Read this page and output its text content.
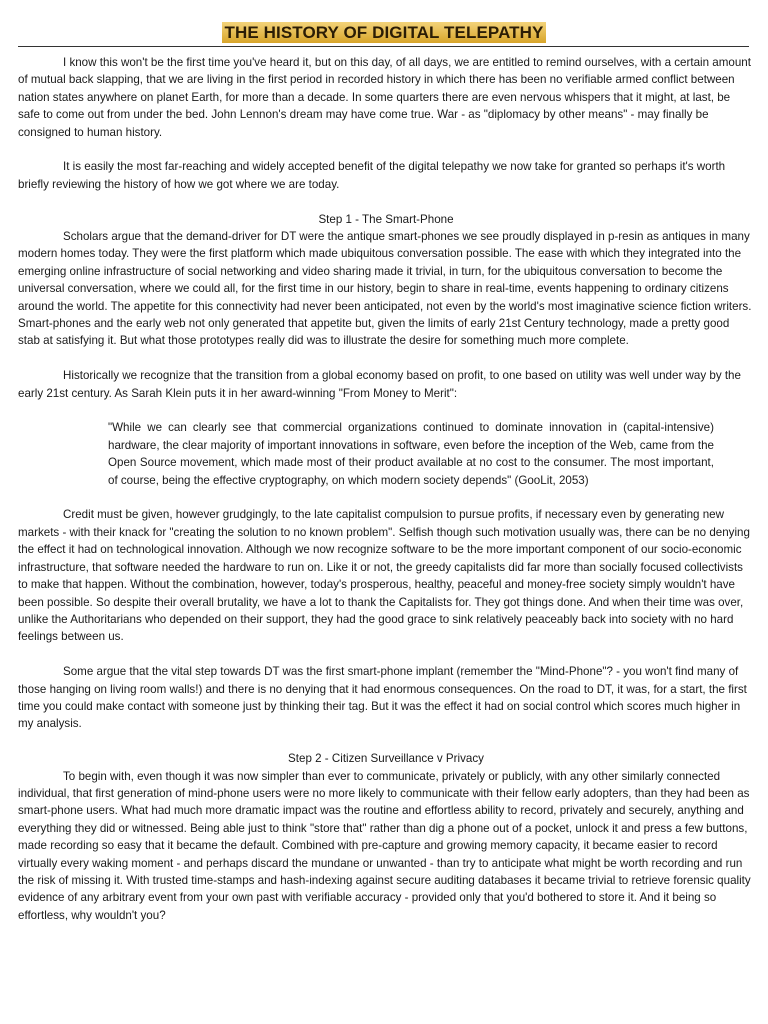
THE HISTORY OF DIGITAL TELEPATHY

I know this won't be the first time you've heard it, but on this day, of all days, we are entitled to remind ourselves, with a certain amount of mutual back slapping, that we are living in the first period in recorded history in which there has been no verifiable armed conflict between nation states anywhere on planet Earth, for more than a decade. In some quarters there are even nervous whispers that it might, at last, be safe to come out from under the bed. John Lennon's dream may have come true. War - as "diplomacy by other means" - may finally be consigned to human history.

It is easily the most far-reaching and widely accepted benefit of the digital telepathy we now take for granted so perhaps it's worth briefly reviewing the history of how we got where we are today.

Step 1 - The Smart-Phone

Scholars argue that the demand-driver for DT were the antique smart-phones we see proudly displayed in p-resin as antiques in many modern homes today. They were the first platform which made ubiquitous conversation possible. The ease with which they integrated into the emerging online infrastructure of social networking and video sharing made it trivial, in turn, for the ubiquitous conversation to become the universal conversation, where we could all, for the first time in our history, begin to share in real-time, events happening to ordinary citizens around the world. The appetite for this connectivity had never been anticipated, not even by the world's most imaginative science fiction writers. Smart-phones and the early web not only generated that appetite but, given the limits of early 21st Century technology, made a pretty good stab at satisfying it. But what those prototypes really did was to illustrate the desire for something much more complete.

Historically we recognize that the transition from a global economy based on profit, to one based on utility was well under way by the early 21st century. As Sarah Klein puts it in her award-winning "From Money to Merit":

"While we can clearly see that commercial organizations continued to dominate innovation in (capital-intensive) hardware, the clear majority of important innovations in software, even before the inception of the Web, came from the Open Source movement, which made most of their product available at no cost to the consumer. The most important, of course, being the effective cryptography, on which modern society depends" (GooLit, 2053)

Credit must be given, however grudgingly, to the late capitalist compulsion to pursue profits, if necessary even by generating new markets - with their knack for "creating the solution to no known problem". Selfish though such motivation usually was, there can be no denying the effect it had on technological innovation. Although we now recognize software to be the more important component of our socio-economic infrastructure, that software needed the hardware to run on. Like it or not, the greedy capitalists did far more than socially focused collectivists to make that happen. Without the combination, however, today's prosperous, healthy, peaceful and money-free society simply wouldn't have been possible. So despite their overall brutality, we have a lot to thank the Capitalists for. They got things done. And when their time was over, unlike the Authoritarians who depended on their support, they had the good grace to sink relatively peaceably back into society with no hard feelings between us.

Some argue that the vital step towards DT was the first smart-phone implant (remember the "Mind-Phone"? - you won't find many of those hanging on living room walls!) and there is no denying that it had enormous consequences. On the road to DT, it was, for a start, the first time you could make contact with someone just by thinking their tag. But it was the effect it had on social control which scores much higher in my analysis.

Step 2 - Citizen Surveillance v Privacy

To begin with, even though it was now simpler than ever to communicate, privately or publicly, with any other similarly connected individual, that first generation of mind-phone users were no more likely to communicate with their fellow early adopters, than they had been as smart-phone users. What had much more dramatic impact was the routine and effortless ability to record, privately and securely, anything and everything they did or witnessed. Being able just to think "store that" rather than dig a phone out of a pocket, unlock it and press a few buttons, made recording so easy that it became the default. Combined with pre-capture and growing memory capacity, it became easier to record virtually every waking moment - and perhaps discard the mundane or unwanted - than try to anticipate what might be worth recording and run the risk of missing it. With trusted time-stamps and hash-indexing against secure auditing databases it became trivial to retrieve forensic quality evidence of any arbitrary event from your own past with verifiable accuracy - provided only that you'd bothered to store it. And it being so effortless, why wouldn't you?
